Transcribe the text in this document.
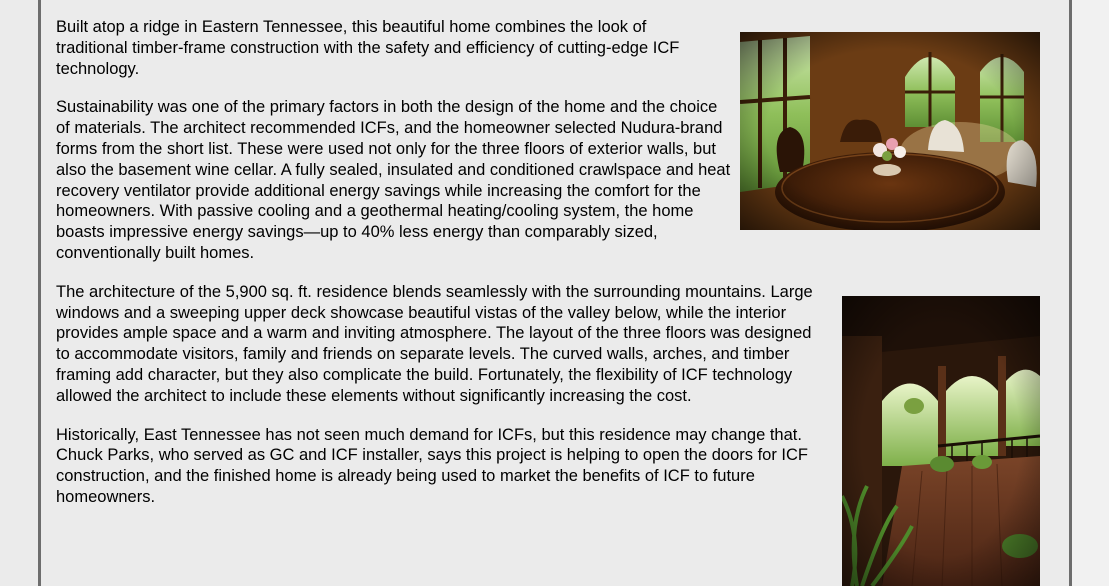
Built atop a ridge in Eastern Tennessee, this beautiful home combines the look of traditional timber-frame construction with the safety and efficiency of cutting-edge ICF technology.

Sustainability was one of the primary factors in both the design of the home and the choice of materials. The architect recommended ICFs, and the homeowner selected Nudura-brand forms from the short list. These were used not only for the three floors of exterior walls, but also the basement wine cellar. A fully sealed, insulated and conditioned crawlspace and heat recovery ventilator provide additional energy savings while increasing the comfort for the homeowners. With passive cooling and a geothermal heating/cooling system, the home boasts impressive energy savings—up to 40% less energy than comparably sized, conventionally built homes.

The architecture of the 5,900 sq. ft. residence blends seamlessly with the surrounding mountains. Large windows and a sweeping upper deck showcase beautiful vistas of the valley below, while the interior provides ample space and a warm and inviting atmosphere. The layout of the three floors was designed to accommodate visitors, family and friends on separate levels. The curved walls, arches, and timber framing add character, but they also complicate the build. Fortunately, the flexibility of ICF technology allowed the architect to include these elements without significantly increasing the cost.

Historically, East Tennessee has not seen much demand for ICFs, but this residence may change that. Chuck Parks, who served as GC and ICF installer, says this project is helping to open the doors for ICF construction, and the finished home is already being used to market the benefits of ICF to future homeowners.
